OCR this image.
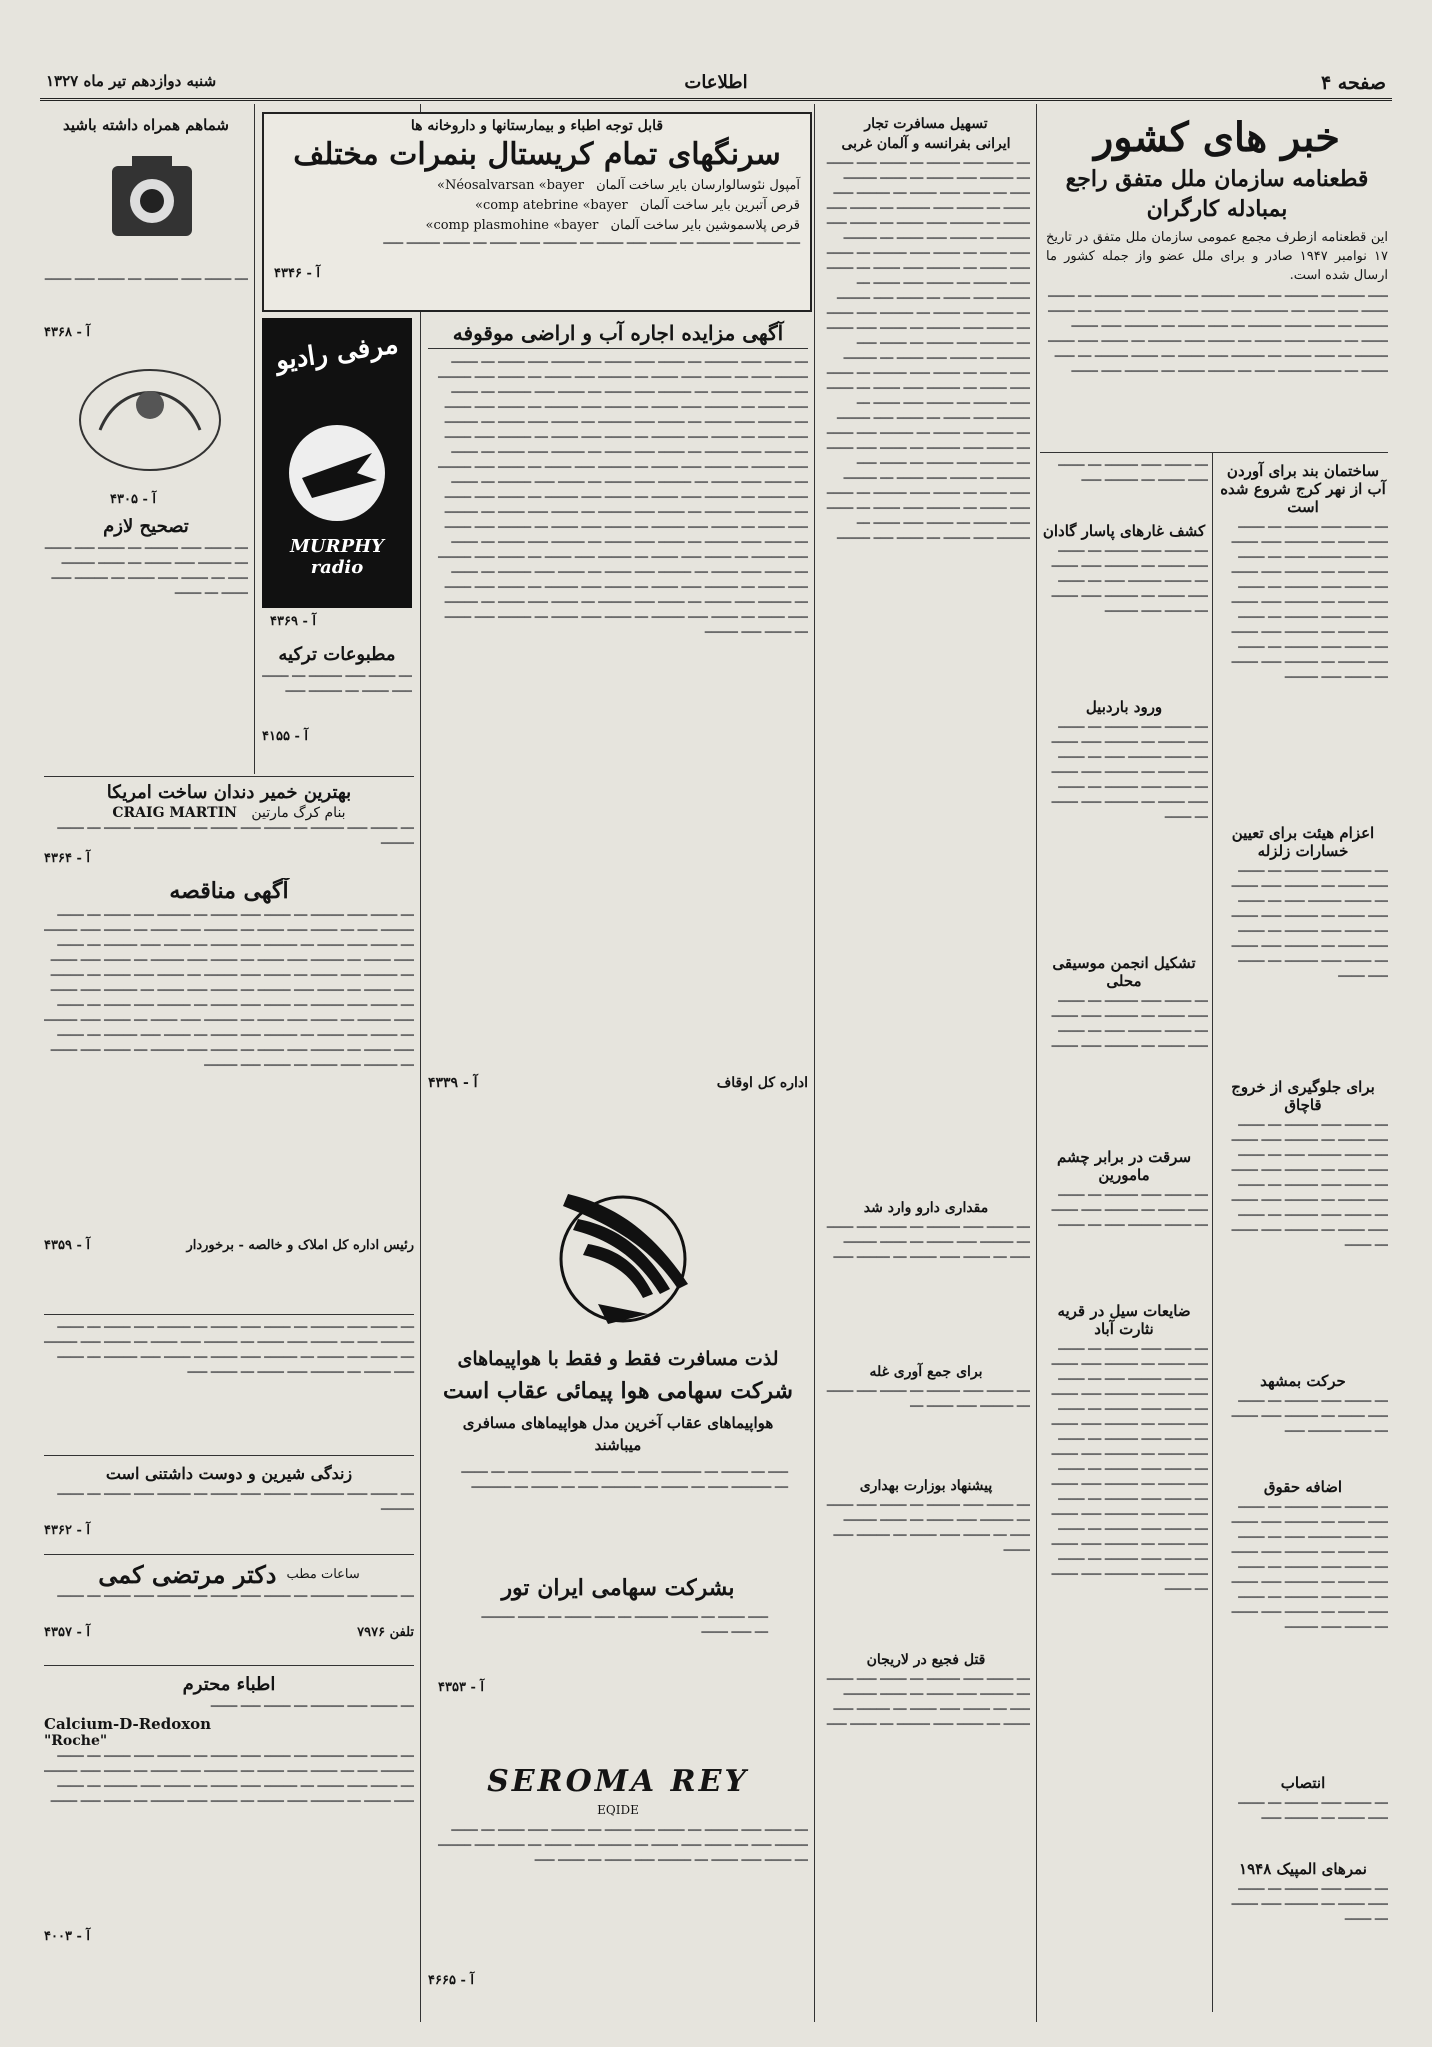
صفحه ۴
اطلاعات
شنبه دوازدهم تیر ماه ۱۳۲۷
خبر های کشور
قطعنامه سازمان ملل متفق راجع بمبادله کارگران

این قطعنامه ازطرف مجمع عمومی سازمان ملل متفق در تاریخ ۱۷ نوامبر ۱۹۴۷ صادر و برای ملل عضو واز جمله کشور ما ارسال شده است.

━━━ ━━━━ ━━ ━━━━━ ━━ ━━━━ ━━━━━ ━━ ━━━━ ━━━ ━━━━━ ━━ ━━━━ ━━━━ ━━━ ━━━━ ━━ ━━━━━ ━━━ ━━━━ ━━ ━━━━━ ━━━ ━━━━ ━━ ━━━━ ━━━━━ ━━ ━━━ ━━━━ ━━━━━ ━━ ━━━ ━━━━ ━━ ━━━━━ ━━━ ━━━━ ━━━━ ━━ ━━━━━ ━━━ ━━━━ ━━ ━━━━ ━━━ ━━━━━ ━━ ━━━━ ━━━ ━━━━ ━━━━━ ━━ ━━━ ━━━━ ━━ ━━━━━ ━━━ ━━━━ ━━ ━━━━ ━━━━━ ━━ ━━━ ━━━━ ━━ ━━━━ ━━━━━ ━━━ ━━ ━━━━ ━━━━ ━━ ━━━━━ ━━━ ━━━━
ساختمان بند برای آوردن آب از نهر کرج شروع شده است
━━ ━━━━ ━━━ ━━━━━ ━━ ━━━━ ━━━ ━━━━ ━━ ━━━━━ ━━━ ━━━━ ━━ ━━━━ ━━━━━ ━━━ ━━ ━━━━ ━━━ ━━━━ ━━ ━━━━━ ━━━ ━━━━ ━━ ━━━━ ━━━ ━━━━━ ━━ ━━━━ ━━━ ━━━━ ━━ ━━━━━ ━━━ ━━━━ ━━ ━━━━ ━━━ ━━━━━ ━━ ━━━━ ━━━ ━━━━ ━━ ━━━━━ ━━━ ━━━━ ━━ ━━━━ ━━━ ━━━━━ ━━ ━━━━ ━━━ ━━━━ ━━ ━━━━━ ━━━ ━━━━ ━━ ━━━━ ━━━ ━━━━━
اعزام هیئت برای تعیین خسارات زلزله
━━ ━━━━ ━━━ ━━━━━ ━━ ━━━━ ━━━ ━━━━ ━━ ━━━━━ ━━━ ━━━━ ━━ ━━━━ ━━━━━ ━━━ ━━ ━━━━ ━━━ ━━━━ ━━ ━━━━━ ━━━ ━━━━ ━━ ━━━━ ━━━ ━━━━━ ━━ ━━━━ ━━━ ━━━━ ━━ ━━━━━ ━━━ ━━━━ ━━ ━━━━ ━━━ ━━━━━ ━━ ━━━━ ━━━ ━━━━
برای جلوگیری از خروج قاچاق
━━ ━━━━ ━━━ ━━━━━ ━━ ━━━━ ━━━ ━━━━ ━━ ━━━━━ ━━━ ━━━━ ━━ ━━━━ ━━━━━ ━━━ ━━ ━━━━ ━━━ ━━━━ ━━ ━━━━━ ━━━ ━━━━ ━━ ━━━━ ━━━ ━━━━━ ━━ ━━━━ ━━━ ━━━━ ━━ ━━━━━ ━━━ ━━━━ ━━ ━━━━ ━━━ ━━━━━ ━━ ━━━━ ━━━ ━━━━ ━━ ━━━━━ ━━━ ━━━━ ━━ ━━━━
حرکت بمشهد
━━ ━━━━ ━━━ ━━━━━ ━━ ━━━━ ━━━ ━━━━ ━━ ━━━━━ ━━━ ━━━━ ━━ ━━━━ ━━━━━ ━━━
اضافه حقوق
━━ ━━━━ ━━━ ━━━━━ ━━ ━━━━ ━━━ ━━━━ ━━ ━━━━━ ━━━ ━━━━ ━━ ━━━━ ━━━━━ ━━━ ━━ ━━━━ ━━━ ━━━━ ━━ ━━━━━ ━━━ ━━━━ ━━ ━━━━ ━━━ ━━━━━ ━━ ━━━━ ━━━ ━━━━ ━━ ━━━━━ ━━━ ━━━━ ━━ ━━━━ ━━━ ━━━━━ ━━ ━━━━ ━━━ ━━━━ ━━ ━━━━━ ━━━ ━━━━ ━━ ━━━━ ━━━ ━━━━━
انتصاب
━━ ━━━━ ━━━ ━━━━━ ━━ ━━━━ ━━━ ━━━━ ━━ ━━━━━ ━━━
نمرهای المپیک ۱۹۴۸
━━ ━━━━ ━━━ ━━━━━ ━━ ━━━━ ━━━ ━━━━ ━━ ━━━━━ ━━━ ━━━━ ━━ ━━━━
━━ ━━━━ ━━━ ━━━━━ ━━ ━━━━ ━━━ ━━━━ ━━ ━━━━━ ━━━
کشف غارهای پاسار گادان
━━ ━━━━ ━━━ ━━━━━ ━━ ━━━━ ━━━ ━━━━ ━━ ━━━━━ ━━━ ━━━━ ━━ ━━━━ ━━━━━ ━━━ ━━ ━━━━ ━━━ ━━━━ ━━ ━━━━━ ━━━ ━━━━ ━━ ━━━━ ━━━ ━━━━━
ورود باردبیل
━━ ━━━━ ━━━ ━━━━━ ━━ ━━━━ ━━━ ━━━━ ━━ ━━━━━ ━━━ ━━━━ ━━ ━━━━ ━━━━━ ━━━ ━━ ━━━━ ━━━ ━━━━ ━━ ━━━━━ ━━━ ━━━━ ━━ ━━━━ ━━━ ━━━━━ ━━ ━━━━ ━━━ ━━━━ ━━ ━━━━━ ━━━ ━━━━ ━━ ━━━━
تشکیل انجمن موسیقی محلی
━━ ━━━━ ━━━ ━━━━━ ━━ ━━━━ ━━━ ━━━━ ━━ ━━━━━ ━━━ ━━━━ ━━ ━━━━ ━━━━━ ━━━ ━━ ━━━━ ━━━ ━━━━ ━━ ━━━━━ ━━━ ━━━━
سرقت در برابر چشم مامورین
━━ ━━━━ ━━━ ━━━━━ ━━ ━━━━ ━━━ ━━━━ ━━ ━━━━━ ━━━ ━━━━ ━━ ━━━━ ━━━━━ ━━━ ━━ ━━━━
ضایعات سیل در قریه نثارت آباد
━━ ━━━━ ━━━ ━━━━━ ━━ ━━━━ ━━━ ━━━━ ━━ ━━━━━ ━━━ ━━━━ ━━ ━━━━ ━━━━━ ━━━ ━━ ━━━━ ━━━ ━━━━ ━━ ━━━━━ ━━━ ━━━━ ━━ ━━━━ ━━━ ━━━━━ ━━ ━━━━ ━━━ ━━━━ ━━ ━━━━━ ━━━ ━━━━ ━━ ━━━━ ━━━ ━━━━━ ━━ ━━━━ ━━━ ━━━━ ━━ ━━━━━ ━━━ ━━━━ ━━ ━━━━ ━━━ ━━━━━ ━━ ━━━━ ━━━ ━━━━ ━━ ━━━━━ ━━━ ━━━━ ━━ ━━━━ ━━━ ━━━━━ ━━ ━━━━ ━━━ ━━━━ ━━ ━━━━━ ━━━ ━━━━ ━━ ━━━━ ━━━ ━━━━━ ━━ ━━━━ ━━━ ━━━━ ━━ ━━━━━ ━━━ ━━━━ ━━ ━━━━ ━━━ ━━━━━ ━━ ━━━━ ━━━ ━━━━ ━━ ━━━━━ ━━━ ━━━━ ━━ ━━━━
تسهیل مسافرت تجار
ایرانی بفرانسه و آلمان غربی
━━ ━━━━ ━━━ ━━━━━ ━━ ━━━━ ━━━ ━━━━ ━━ ━━━━━ ━━━ ━━━━ ━━ ━━━━ ━━━━━ ━━━ ━━ ━━━━ ━━━ ━━━━ ━━ ━━━━━ ━━━ ━━━━ ━━ ━━━━ ━━━ ━━━━━ ━━ ━━━━ ━━━ ━━━━ ━━ ━━━━━ ━━━ ━━━━ ━━ ━━━━ ━━━ ━━━━━ ━━ ━━━━ ━━━ ━━━━ ━━ ━━━━━ ━━━ ━━━━ ━━ ━━━━ ━━━ ━━━━━ ━━ ━━━━ ━━━ ━━━━ ━━ ━━━━━ ━━━ ━━━━ ━━ ━━━━ ━━━ ━━━━━ ━━ ━━━━ ━━━ ━━━━ ━━ ━━━━━ ━━━ ━━━━ ━━ ━━━━ ━━━ ━━━━━ ━━ ━━━━ ━━━ ━━━━ ━━ ━━━━━ ━━━ ━━━━ ━━ ━━━━ ━━━ ━━━━━ ━━ ━━━━ ━━━ ━━━━ ━━ ━━━━━ ━━━ ━━━━ ━━ ━━━━ ━━━ ━━━━━ ━━ ━━━━ ━━━ ━━━━ ━━ ━━━━━ ━━━ ━━━━ ━━ ━━━━ ━━━ ━━━━━ ━━ ━━━━ ━━━ ━━━━ ━━ ━━━━━ ━━━ ━━━━ ━━ ━━━━ ━━━ ━━━━━ ━━ ━━━━ ━━━ ━━━━ ━━ ━━━━━ ━━━ ━━━━ ━━ ━━━━ ━━━ ━━━━━ ━━ ━━━━ ━━━ ━━━━ ━━ ━━━━━ ━━━ ━━━━ ━━ ━━━━ ━━━ ━━━━━ ━━ ━━━━ ━━━ ━━━━ ━━ ━━━━━ ━━━ ━━━━ ━━ ━━━━ ━━━ ━━━━━ ━━ ━━━━ ━━━ ━━━━ ━━ ━━━━━ ━━━ ━━━━ ━━ ━━━━ ━━━ ━━━━━ ━━ ━━━━ ━━━ ━━━━ ━━ ━━━━━ ━━━ ━━━━ ━━ ━━━━ ━━━ ━━━━━ ━━ ━━━━ ━━━ ━━━━ ━━ ━━━━━ ━━━ ━━━━ ━━ ━━━━ ━━━ ━━━━━
مقداری دارو وارد شد
━━ ━━━━ ━━━ ━━━━━ ━━ ━━━━ ━━━ ━━━━ ━━ ━━━━━ ━━━ ━━━━ ━━ ━━━━ ━━━━━ ━━━ ━━ ━━━━ ━━━ ━━━━ ━━ ━━━━━ ━━━
برای جمع آوری غله
━━ ━━━━ ━━━ ━━━━━ ━━ ━━━━ ━━━ ━━━━ ━━ ━━━━━ ━━━ ━━━━ ━━
پیشنهاد بوزارت بهداری
━━ ━━━━ ━━━ ━━━━━ ━━ ━━━━ ━━━ ━━━━ ━━ ━━━━━ ━━━ ━━━━ ━━ ━━━━ ━━━━━ ━━━ ━━ ━━━━ ━━━ ━━━━ ━━ ━━━━━ ━━━ ━━━━
قتل فجیع در لاریجان
━━ ━━━━ ━━━ ━━━━━ ━━ ━━━━ ━━━ ━━━━ ━━ ━━━━━ ━━━ ━━━━ ━━ ━━━━ ━━━━━ ━━━ ━━ ━━━━ ━━━ ━━━━ ━━ ━━━━━ ━━━ ━━━━ ━━ ━━━━ ━━━ ━━━━━ ━━ ━━━━ ━━━
قابل توجه اطباء و بیمارستانها و داروخانه ها
سرنگهای تمام کریستال بنمرات مختلف
آمپول نئوسالوارسان بایر ساخت آلمان Néosalvarsan «bayer»
قرص آتبرین بایر ساخت آلمان comp atebrine «bayer»
قرص پلاسموشین بایر ساخت آلمان comp plasmohine «bayer»
━━ ━━━━ ━━━ ━━━━━ ━━ ━━━━ ━━━ ━━━━ ━━ ━━━━━ ━━━ ━━━━ ━━ ━━━━ ━━━━━ ━━━
آ - ۴۳۴۶
آگهی مزایده اجاره آب و اراضی موقوفه
━━ ━━━━ ━━━ ━━━━━ ━━ ━━━━ ━━━ ━━━━ ━━ ━━━━━ ━━━ ━━━━ ━━ ━━━━ ━━━━━ ━━━ ━━ ━━━━ ━━━ ━━━━ ━━ ━━━━━ ━━━ ━━━━ ━━ ━━━━ ━━━ ━━━━━ ━━ ━━━━ ━━━ ━━━━ ━━ ━━━━━ ━━━ ━━━━ ━━ ━━━━ ━━━ ━━━━━ ━━ ━━━━ ━━━ ━━━━ ━━ ━━━━━ ━━━ ━━━━ ━━ ━━━━ ━━━ ━━━━━ ━━ ━━━━ ━━━ ━━━━ ━━ ━━━━━ ━━━ ━━━━ ━━ ━━━━ ━━━ ━━━━━ ━━ ━━━━ ━━━ ━━━━ ━━ ━━━━━ ━━━ ━━━━ ━━ ━━━━ ━━━ ━━━━━ ━━ ━━━━ ━━━ ━━━━ ━━ ━━━━━ ━━━ ━━━━ ━━ ━━━━ ━━━ ━━━━━ ━━ ━━━━ ━━━ ━━━━ ━━ ━━━━━ ━━━ ━━━━ ━━ ━━━━ ━━━ ━━━━━ ━━ ━━━━ ━━━ ━━━━ ━━ ━━━━━ ━━━ ━━━━ ━━ ━━━━ ━━━ ━━━━━ ━━ ━━━━ ━━━ ━━━━ ━━ ━━━━━ ━━━ ━━━━ ━━ ━━━━ ━━━ ━━━━━ ━━ ━━━━ ━━━ ━━━━ ━━ ━━━━━ ━━━ ━━━━ ━━ ━━━━ ━━━ ━━━━━ ━━ ━━━━ ━━━ ━━━━ ━━ ━━━━━ ━━━ ━━━━ ━━ ━━━━ ━━━ ━━━━━ ━━ ━━━━ ━━━ ━━━━ ━━ ━━━━━ ━━━ ━━━━ ━━ ━━━━ ━━━ ━━━━━ ━━ ━━━━ ━━━ ━━━━ ━━ ━━━━━ ━━━ ━━━━ ━━ ━━━━ ━━━ ━━━━━ ━━ ━━━━ ━━━ ━━━━ ━━ ━━━━━ ━━━ ━━━━ ━━ ━━━━ ━━━ ━━━━━ ━━ ━━━━ ━━━ ━━━━ ━━ ━━━━━ ━━━ ━━━━ ━━ ━━━━ ━━━ ━━━━━ ━━ ━━━━ ━━━ ━━━━ ━━ ━━━━━ ━━━ ━━━━ ━━ ━━━━ ━━━ ━━━━━ ━━ ━━━━ ━━━ ━━━━ ━━ ━━━━━ ━━━ ━━━━ ━━ ━━━━ ━━━ ━━━━━ ━━ ━━━━ ━━━ ━━━━ ━━ ━━━━━ ━━━ ━━━━ ━━ ━━━━ ━━━ ━━━━━ ━━ ━━━━ ━━━ ━━━━ ━━ ━━━━━ ━━━ ━━━━ ━━ ━━━━ ━━━ ━━━━━ ━━ ━━━━ ━━━ ━━━━ ━━ ━━━━━ ━━━ ━━━━ ━━ ━━━━ ━━━ ━━━━━
اداره کل اوقاف
آ - ۴۳۳۹
لذت مسافرت فقط و فقط با هواپیماهای
شرکت سهامی هوا پیمائی عقاب است
هواپیماهای عقاب آخرین مدل هواپیماهای مسافری میباشند
━━━ ━━ ━━━━ ━━ ━━━━━━ ━━━ ━━ ━━━━ ━━ ━━━━━━ ━━━ ━━ ━━━━ ━━ ━━━━━━ ━━━ ━━ ━━━━ ━━ ━━━━━━ ━━━ ━━ ━━━━ ━━ ━━━━━━
بشرکت سهامی ایران تور
━━━ ━━━━ ━━ ━━━━ ━━━━━ ━━ ━━━ ━━━━ ━━ ━━━━ ━━━━━ ━━ ━━━ ━━━━
آ - ۴۳۵۳
SEROMA REY
EQIDE
━━ ━━━━ ━━━ ━━━━━ ━━ ━━━━ ━━━ ━━━━ ━━ ━━━━━ ━━━ ━━━━ ━━ ━━━━ ━━━━━ ━━━ ━━ ━━━━ ━━━ ━━━━ ━━ ━━━━━ ━━━ ━━━━ ━━ ━━━━ ━━━ ━━━━━ ━━ ━━━━ ━━━ ━━━━ ━━ ━━━━━ ━━━ ━━━━ ━━ ━━━━ ━━━
آ - ۴۶۶۵
مرفی رادیو
MURPHY radio
آ - ۴۳۶۹
مطبوعات ترکیه
━━ ━━━━ ━━━ ━━━━━ ━━ ━━━━ ━━━ ━━━━ ━━ ━━━━━ ━━━
آ - ۴۱۵۵
شماهم همراه داشته باشید
━━ ━━━━ ━━━ ━━━━━ ━━ ━━━━ ━━━ ━━━━
آ - ۴۳۶۸
آ - ۴۳۰۵
تصحیح لازم
━━ ━━━━ ━━━ ━━━━━ ━━ ━━━━ ━━━ ━━━━ ━━ ━━━━━ ━━━ ━━━━ ━━ ━━━━ ━━━━━ ━━━ ━━ ━━━━ ━━━ ━━━━ ━━ ━━━━━ ━━━ ━━━━ ━━ ━━━━
بهترین خمیر دندان ساخت امریکا
بنام کرگ مارتین CRAIG MARTIN
━━ ━━━━ ━━━ ━━━━━ ━━ ━━━━ ━━━ ━━━━ ━━ ━━━━━ ━━━ ━━━━ ━━ ━━━━ ━━━━━
آ - ۴۳۶۴
آگهی مناقصه
━━ ━━━━ ━━━ ━━━━━ ━━ ━━━━ ━━━ ━━━━ ━━ ━━━━━ ━━━ ━━━━ ━━ ━━━━ ━━━━━ ━━━ ━━ ━━━━ ━━━ ━━━━ ━━ ━━━━━ ━━━ ━━━━ ━━ ━━━━ ━━━ ━━━━━ ━━ ━━━━ ━━━ ━━━━ ━━ ━━━━━ ━━━ ━━━━ ━━ ━━━━ ━━━ ━━━━━ ━━ ━━━━ ━━━ ━━━━ ━━ ━━━━━ ━━━ ━━━━ ━━ ━━━━ ━━━ ━━━━━ ━━ ━━━━ ━━━ ━━━━ ━━ ━━━━━ ━━━ ━━━━ ━━ ━━━━ ━━━ ━━━━━ ━━ ━━━━ ━━━ ━━━━ ━━ ━━━━━ ━━━ ━━━━ ━━ ━━━━ ━━━ ━━━━━ ━━ ━━━━ ━━━ ━━━━ ━━ ━━━━━ ━━━ ━━━━ ━━ ━━━━ ━━━ ━━━━━ ━━ ━━━━ ━━━ ━━━━ ━━ ━━━━━ ━━━ ━━━━ ━━ ━━━━ ━━━ ━━━━━ ━━ ━━━━ ━━━ ━━━━ ━━ ━━━━━ ━━━ ━━━━ ━━ ━━━━ ━━━ ━━━━━ ━━ ━━━━ ━━━ ━━━━ ━━ ━━━━━ ━━━ ━━━━ ━━ ━━━━ ━━━ ━━━━━ ━━ ━━━━ ━━━ ━━━━ ━━ ━━━━━ ━━━ ━━━━ ━━ ━━━━ ━━━ ━━━━━ ━━ ━━━━ ━━━ ━━━━ ━━ ━━━━━ ━━━ ━━━━ ━━ ━━━━ ━━━ ━━━━━
رئیس اداره کل املاک و خالصه - برخوردار
آ - ۴۳۵۹
━━ ━━━━ ━━━ ━━━━━ ━━ ━━━━ ━━━ ━━━━ ━━ ━━━━━ ━━━ ━━━━ ━━ ━━━━ ━━━━━ ━━━ ━━ ━━━━ ━━━ ━━━━ ━━ ━━━━━ ━━━ ━━━━ ━━ ━━━━ ━━━ ━━━━━ ━━ ━━━━ ━━━ ━━━━ ━━ ━━━━━ ━━━ ━━━━ ━━ ━━━━ ━━━ ━━━━━ ━━ ━━━━ ━━━ ━━━━ ━━ ━━━━━ ━━━ ━━━━ ━━ ━━━━ ━━━
زندگی شیرین و دوست داشتنی است
━━ ━━━━ ━━━ ━━━━━ ━━ ━━━━ ━━━ ━━━━ ━━ ━━━━━ ━━━ ━━━━ ━━ ━━━━ ━━━━━
آ - ۴۳۶۲
ساعات مطب
دکتر مرتضی کمی
━━ ━━━━ ━━━ ━━━━━ ━━ ━━━━ ━━━ ━━━━ ━━ ━━━━━ ━━━ ━━━━ ━━ ━━━━
تلفن ۷۹۷۶
آ - ۴۳۵۷
اطباء محترم
━━ ━━━━ ━━━ ━━━━━ ━━ ━━━━ ━━━ ━━━━
Calcium-D-Redoxon
"Roche"
━━ ━━━━ ━━━ ━━━━━ ━━ ━━━━ ━━━ ━━━━ ━━ ━━━━━ ━━━ ━━━━ ━━ ━━━━ ━━━━━ ━━━ ━━ ━━━━ ━━━ ━━━━ ━━ ━━━━━ ━━━ ━━━━ ━━ ━━━━ ━━━ ━━━━━ ━━ ━━━━ ━━━ ━━━━ ━━ ━━━━━ ━━━ ━━━━ ━━ ━━━━ ━━━ ━━━━━ ━━ ━━━━ ━━━ ━━━━ ━━ ━━━━━ ━━━ ━━━━ ━━ ━━━━ ━━━ ━━━━━ ━━ ━━━━ ━━━ ━━━━
آ - ۴۰۰۳
